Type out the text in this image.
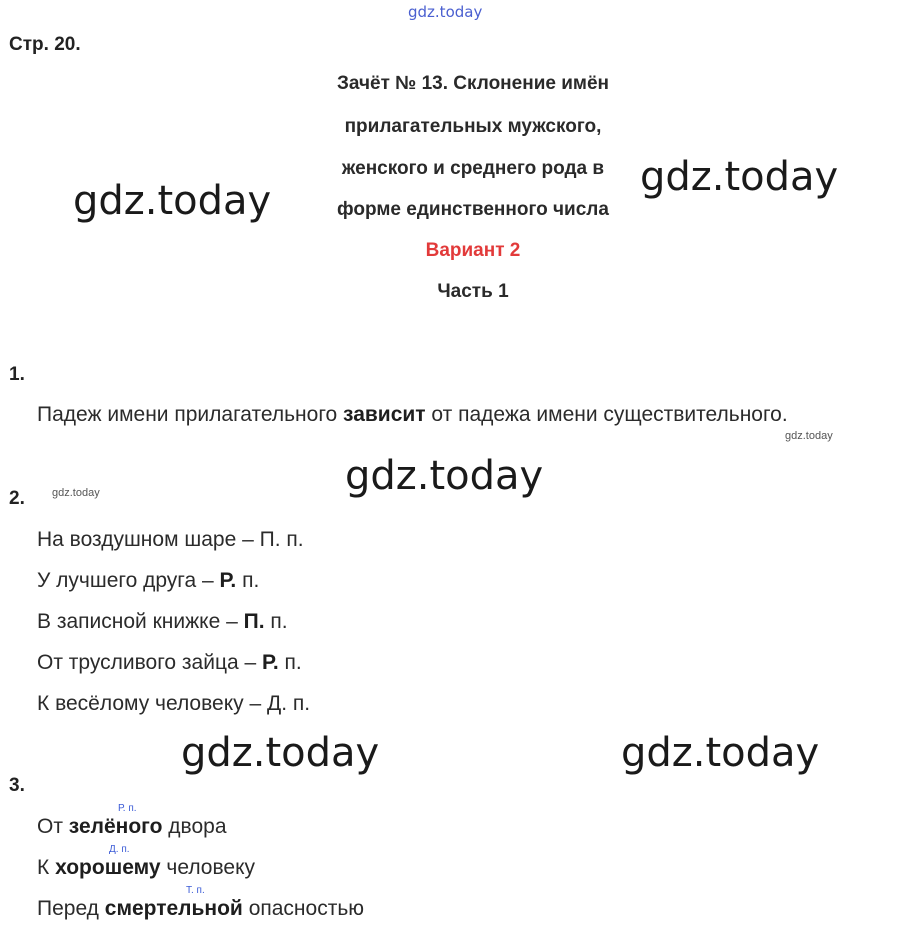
gdz.today
gdz.today
gdz.today
gdz.today
gdz.today
gdz.today
gdz.today	gdz.today
Стр. 20.
Зачёт № 13. Склонение имён
прилагательных мужского,
женского и среднего рода в
форме единственного числа
Вариант 2
Часть 1
1.
Падеж имени прилагательного зависит от падежа имени существительного.
2.
На воздушном шаре – П. п.
У лучшего друга – Р. п.
В записной книжке – П. п.
От трусливого зайца – Р. п.
К весёлому человеку – Д. п.
3.
Р. п.
От зелёного двора
Д. п.
К хорошему человеку
Т. п.
Перед смертельной опасностью
